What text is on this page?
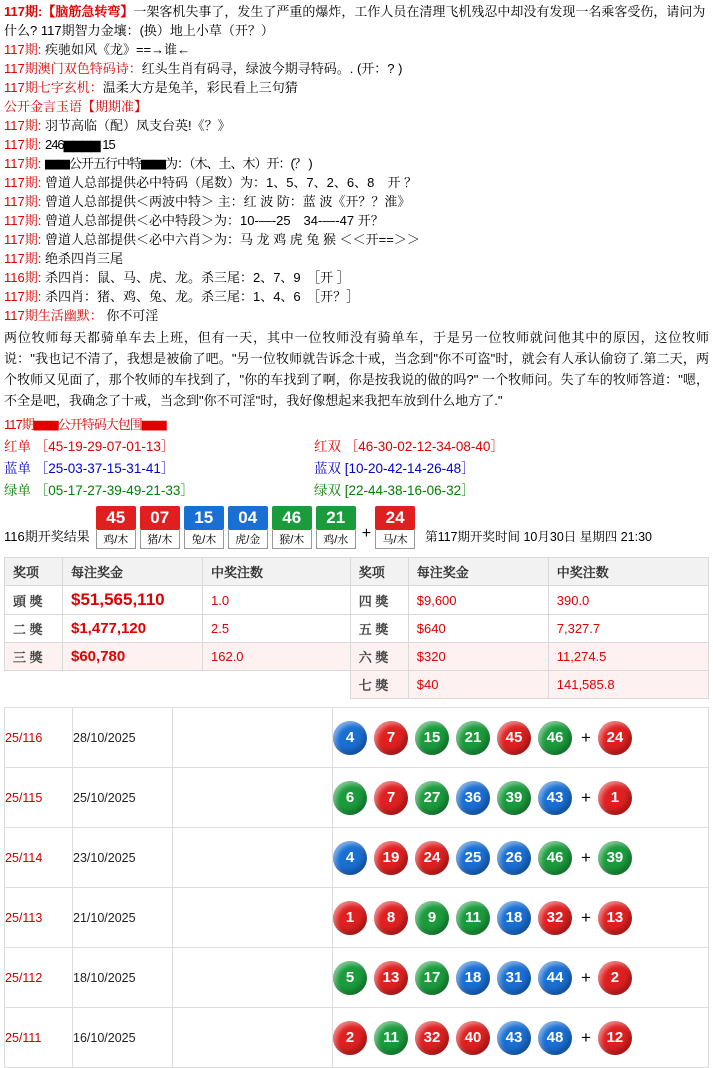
117期:【脑筋急转弯】一架客机失事了，发生了严重的爆炸，工作人员在清理飞机残忍中却没有发现一名乘客受伤，请问为什么? 117期智力金壤：(换）地上小草（开？）
117期: 疾驰如风《龙》==→谁←
117期澳门双色特码诗：红头生肖有码寻，绿波今期寻特码。. (开：? )
117期七字玄机：温柔大方是兔羊，彩民看上三句猜
公开金言玉语【期期准】
117期: 羽节高临（配）凤支台英!《？》
117期: 246▆▆▆▆ 15
117期: ▆▆公开五行中特▆▆为：（木、土、木）开：(？ )
117期: 曾道人总部提供必中特码（尾数）为：1、5、7、2、6、8　开 ？
117期: 曾道人总部提供＜两波中特＞ 主：红 波 防：蓝 波《开？？淮》
117期: 曾道人总部提供＜必中特段＞为：10-—-25　34-—-47 开？
117期: 曾道人总部提供＜必中六肖＞为：马 龙 鸡 虎 兔 猴 ＜＜开==＞＞
117期: 绝杀四肖三尾
116期: 杀四肖：鼠、马、虎、龙。杀三尾：2、7、9　［开 ］
117期: 杀四肖：猪、鸡、兔、龙。杀三尾：1、4、6　［开？］
117期生活幽默： 你不可淫
两位牧师每天都骑单车去上班，但有一天，其中一位牧师没有骑单车，于是另一位牧师就问他其中的原因，这位牧师说："我也记不清了，我想是被偷了吧。"另一位牧师就告诉念十戒，当念到"你不可盗"时，就会有人承认偷窃了.第二天，两个牧师又见面了，那个牧师的车找到了，"你的车找到了啊，你是按我说的做的吗?" 一个牧师问。失了车的牧师答道："嗯，不全是吧，我确念了十戒，当念到"你不可淫"时，我好像想起来我把车放到什么地方了."
117期▆▆公开特码大包围▆▆
红单 ［45-19-29-07-01-13］	红双 ［46-30-02-12-34-08-40］
蓝单 ［25-03-37-15-31-41］	蓝双 [10-20-42-14-26-48］
绿单 ［05-17-27-39-49-21-33］	绿双 [22-44-38-16-06-32］
116期开奖结果
45
鸡/木
07
猪/木
15
兔/木
04
虎/金
46
猴/木
21
鸡/水 +
24
马/木	第117期开奖时间 10月30日 星期四 21:30
奖项	每注奖金	中奖注数	奖项	每注奖金	中奖注数
頭 獎	$51,565,110	1.0	四 獎	$9,600	390.0
二 獎	$1,477,120	2.5	五 獎	$640	7,327.7
三 獎	$60,780	162.0	六 獎	$320	11,274.5
			七 獎	$40	141,585.8
25/116	28/10/2025		4	7	15	21	45	46	+	24

25/115	25/10/2025		6	7	27	36	39	43	+	1

25/114	23/10/2025		4	19	24	25	26	46	+	39

25/113	21/10/2025		1	8	9	11	18	32	+	13

25/112	18/10/2025		5	13	17	18	31	44	+	2

25/111	16/10/2025		2	11	32	40	43	48	+	12
